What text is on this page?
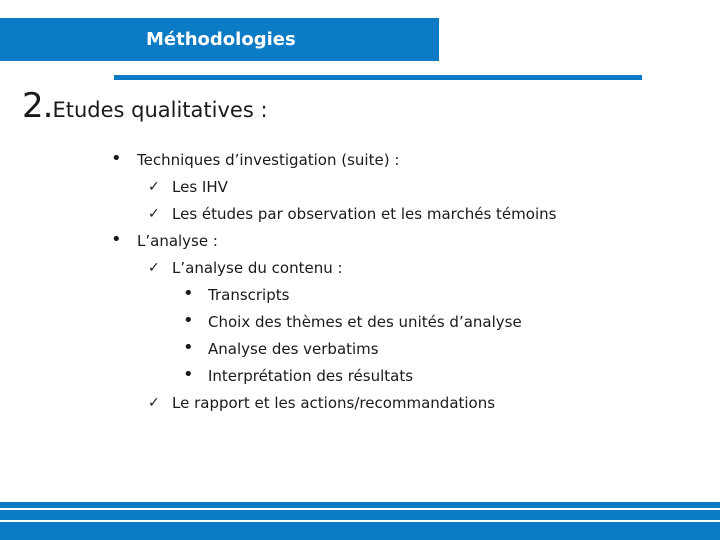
Méthodologies
2.Etudes qualitatives :
• Techniques d’investigation (suite) :
✓ Les IHV
✓ Les études par observation et les marchés témoins
• L’analyse :
✓ L’analyse du contenu :
• Transcripts
• Choix des thèmes et des unités d’analyse
• Analyse des verbatims
• Interprétation des résultats
✓ Le rapport et les actions/recommandations
